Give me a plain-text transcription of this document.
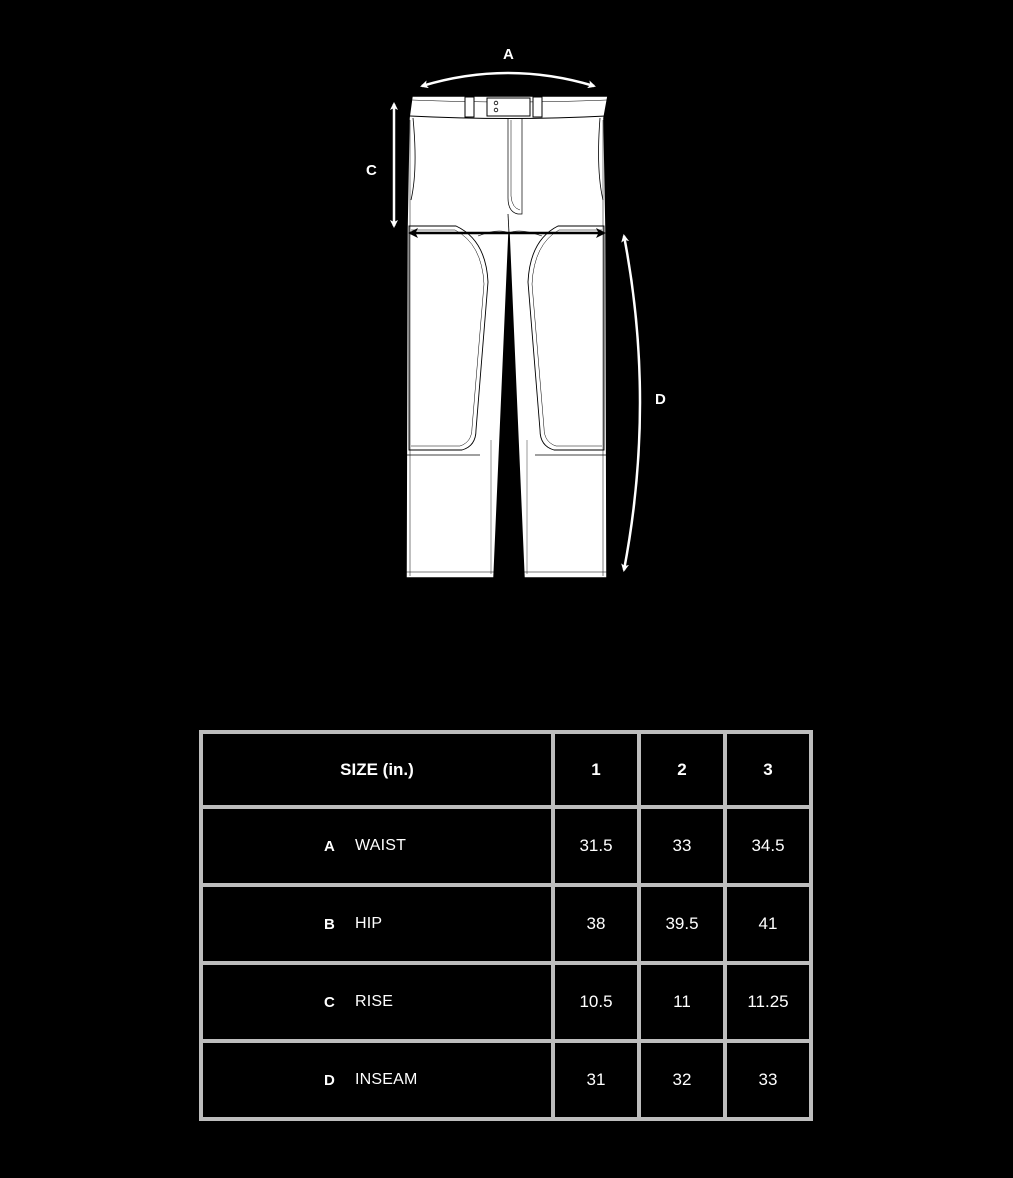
A
C
B
D
SIZE (in.)	1	2	3

A WAIST	31.5	33	34.5

B HIP	38	39.5	41

C RISE	10.5	11	11.25

D INSEAM	31	32	33
